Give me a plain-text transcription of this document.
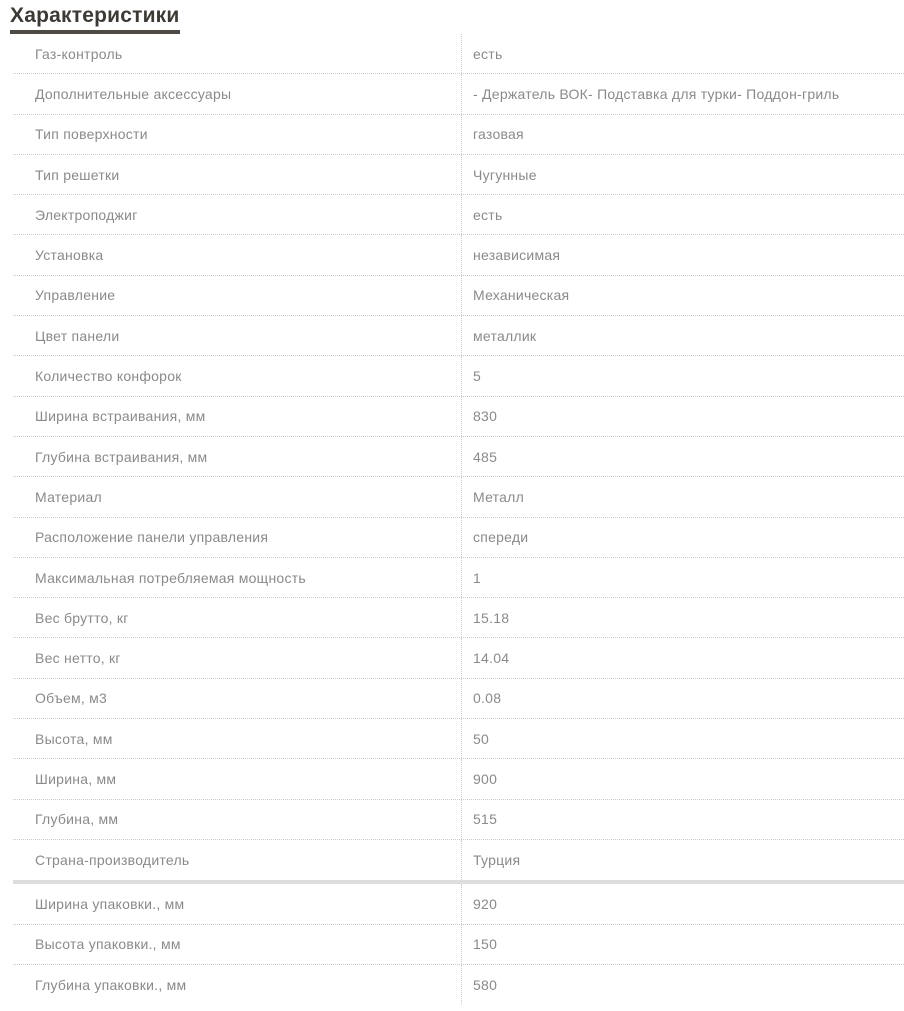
Характеристики
Газ-контроль	есть
Дополнительные аксессуары	- Держатель ВОК- Подставка для турки- Поддон-гриль
Тип поверхности	газовая
Тип решетки	Чугунные
Электроподжиг	есть
Установка	независимая
Управление	Механическая
Цвет панели	металлик
Количество конфорок	5
Ширина встраивания, мм	830
Глубина встраивания, мм	485
Материал	Металл
Расположение панели управления	спереди
Максимальная потребляемая мощность	1
Вес брутто, кг	15.18
Вес нетто, кг	14.04
Объем, м3	0.08
Высота, мм	50
Ширина, мм	900
Глубина, мм	515
Страна-производитель	Турция
Ширина упаковки., мм	920
Высота упаковки., мм	150
Глубина упаковки., мм	580
